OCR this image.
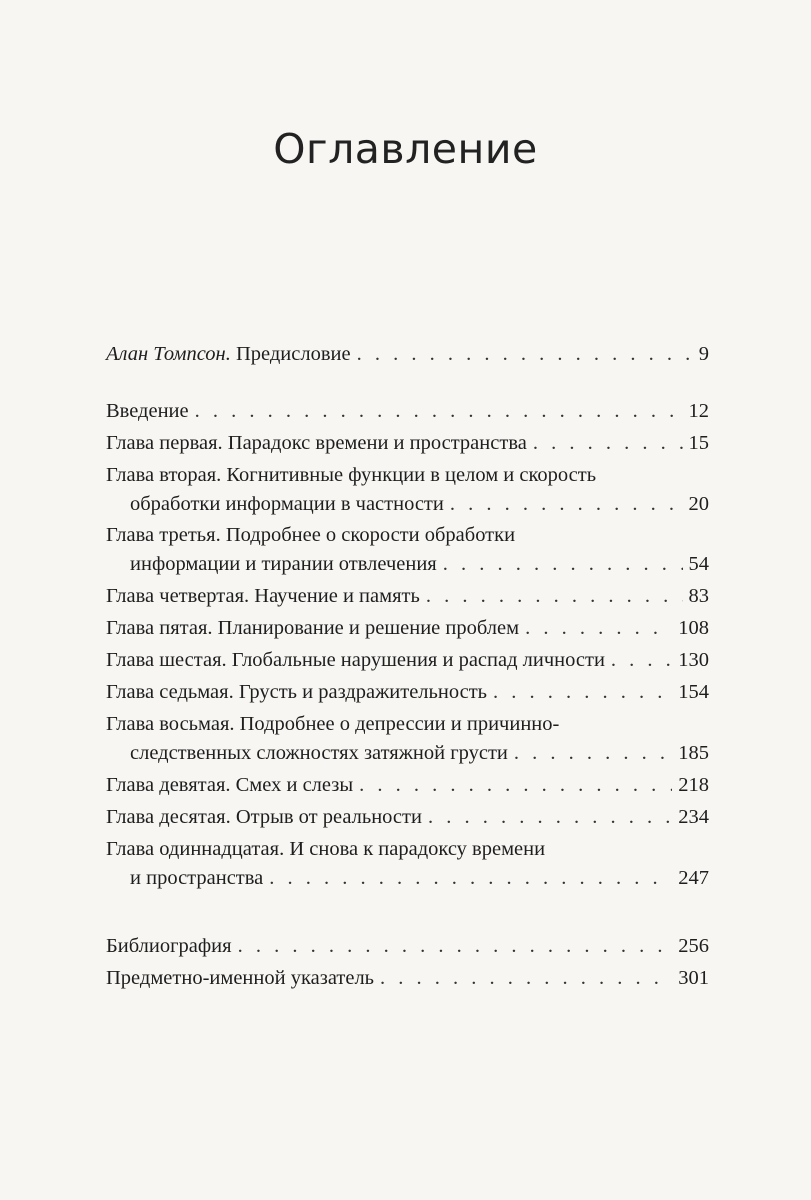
Оглавление
Алан Томпсон. Предисловие . . .	9
Введение . . .	12
Глава первая. Парадокс времени и пространства . . .	15
Глава вторая. Когнитивные функции в целом и скорость
обработки информации в частности . . .	20
Глава третья. Подробнее о скорости обработки
информации и тирании отвлечения . . .	54
Глава четвертая. Научение и память . . .	83
Глава пятая. Планирование и решение проблем . . .	108
Глава шестая. Глобальные нарушения и распад личности . . .	130
Глава седьмая. Грусть и раздражительность . . .	154
Глава восьмая. Подробнее о депрессии и причинно-
следственных сложностях затяжной грусти . . .	185
Глава девятая. Смех и слезы . . .	218
Глава десятая. Отрыв от реальности . . .	234
Глава одиннадцатая. И снова к парадоксу времени
и пространства . . .	247
Библиография . . .	256
Предметно-именной указатель . . .	301
